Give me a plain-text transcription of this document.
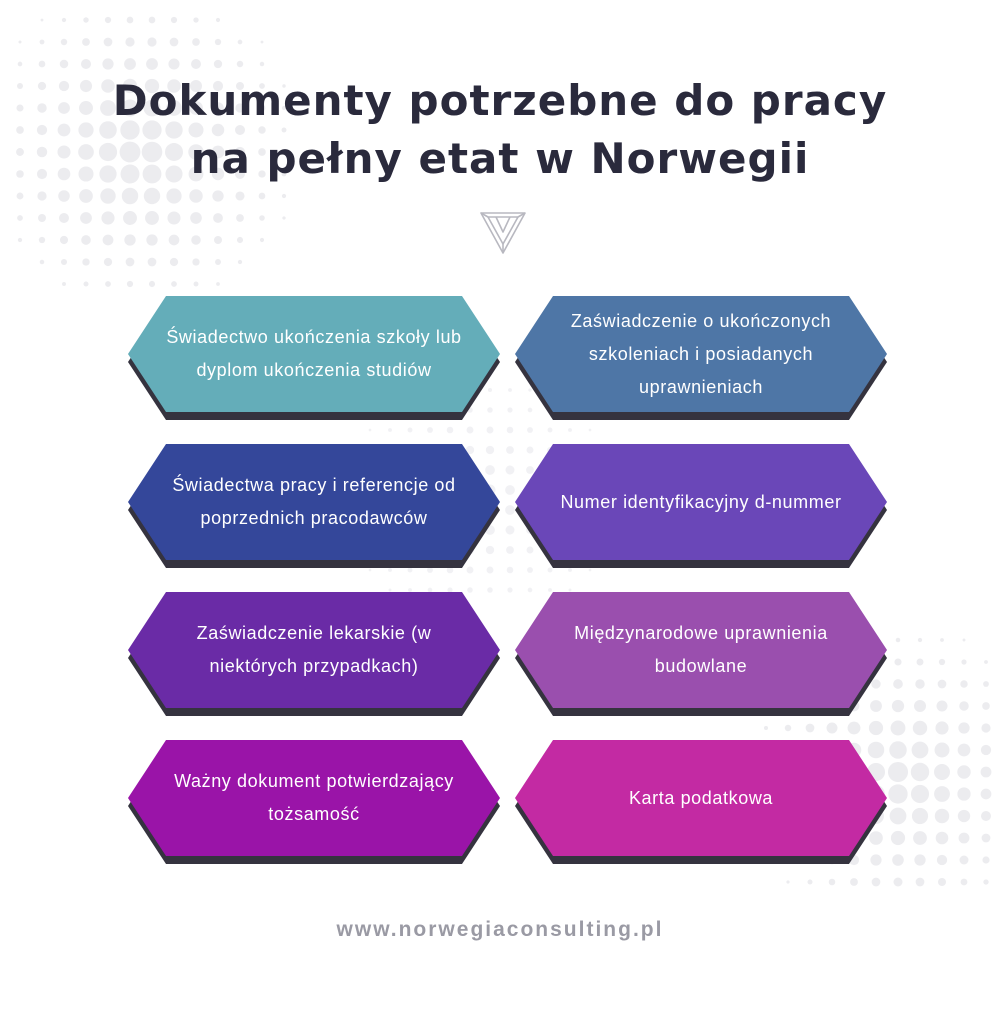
Dokumenty potrzebne do pracy
na pełny etat w Norwegii
Świadectwo ukończenia szkoły lub dyplom ukończenia studiów
Zaświadczenie o ukończonych szkoleniach i posiadanych uprawnieniach
Świadectwa pracy i referencje od poprzednich pracodawców
Numer identyfikacyjny d-nummer
Zaświadczenie lekarskie (w niektórych przypadkach)
Międzynarodowe uprawnienia budowlane
Ważny dokument potwierdzający tożsamość
Karta podatkowa
www.norwegiaconsulting.pl
